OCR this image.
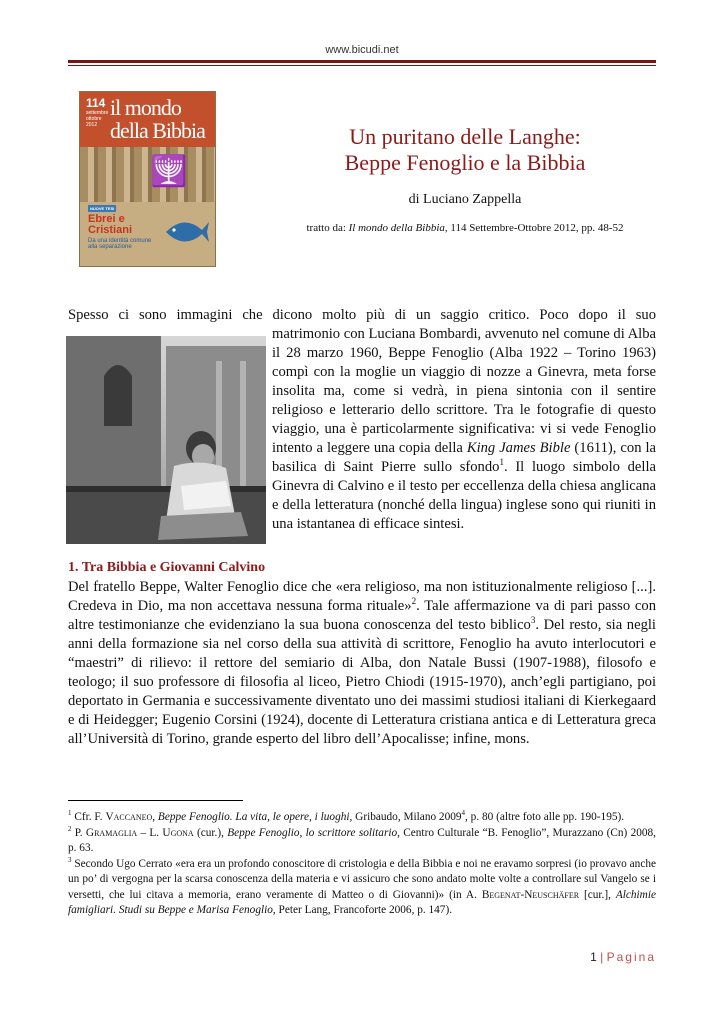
www.bicudi.net
114
settembre ottobre 2012
il mondo
della Bibbia
🕎
NUOVE TESI
Ebrei e
Cristiani
Da una identità comune alla separazione
Un puritano delle Langhe:
Beppe Fenoglio e la Bibbia
di Luciano Zappella
tratto da: Il mondo della Bibbia, 114 Settembre-Ottobre 2012, pp. 48-52
Spesso ci sono immagini che dicono molto più di un saggio critico. Poco dopo il suo
matrimonio con Luciana Bombardi, avvenuto nel comune di Alba il 28 marzo 1960, Beppe Fenoglio (Alba 1922 – Torino 1963) compì con la moglie un viaggio di nozze a Ginevra, meta forse insolita ma, come si vedrà, in piena sintonia con il sentire religioso e letterario dello scrittore. Tra le fotografie di questo viaggio, una è particolarmente significativa: vi si vede Fenoglio intento a leggere una copia della King James Bible (1611), con la basilica di Saint Pierre sullo sfondo$^1$. Il luogo simbolo della Ginevra di Calvino e il testo per eccellenza della chiesa anglicana e della letteratura (nonché della lingua) inglese sono qui riuniti in una istantanea di efficace sintesi.
1. Tra Bibbia e Giovanni Calvino
Del fratello Beppe, Walter Fenoglio dice che «era religioso, ma non istituzionalmente religioso [...]. Credeva in Dio, ma non accettava nessuna forma rituale»$^2$. Tale affermazione va di pari passo con altre testimonianze che evidenziano la sua buona conoscenza del testo biblico$^3$. Del resto, sia negli anni della formazione sia nel corso della sua attività di scrittore, Fenoglio ha avuto interlocutori e “maestri” di rilievo: il rettore del semiario di Alba, don Natale Bussi (1907-1988), filosofo e teologo; il suo professore di filosofia al liceo, Pietro Chiodi (1915-1970), anch’egli partigiano, poi deportato in Germania e successivamente diventato uno dei massimi studiosi italiani di Kierkegaard e di Heidegger; Eugenio Corsini (1924), docente di Letteratura cristiana antica e di Letteratura greca all’Università di Torino, grande esperto del libro dell’Apocalisse; infine, mons.

$^1$ Cfr. F. Vaccaneo, Beppe Fenoglio. La vita, le opere, i luoghi, Gribaudo, Milano 2009$^4$, p. 80 (altre foto alle pp. 190-195).

$^2$ P. Gramaglia – L. Ugona (cur.), Beppe Fenoglio, lo scrittore solitario, Centro Culturale “B. Fenoglio”, Murazzano (Cn) 2008, p. 63.

$^3$ Secondo Ugo Cerrato «era era un profondo conoscitore di cristologia e della Bibbia e noi ne eravamo sorpresi (io provavo anche un po’ di vergogna per la scarsa conoscenza della materia e vi assicuro che sono andato molte volte a controllare sul Vangelo se i versetti, che lui citava a memoria, erano veramente di Matteo o di Giovanni)» (in A. Begenat-Neuschäfer [cur.], Alchimie famigliari. Studi su Beppe e Marisa Fenoglio, Peter Lang, Francoforte 2006, p. 147).

1 | Pagina
